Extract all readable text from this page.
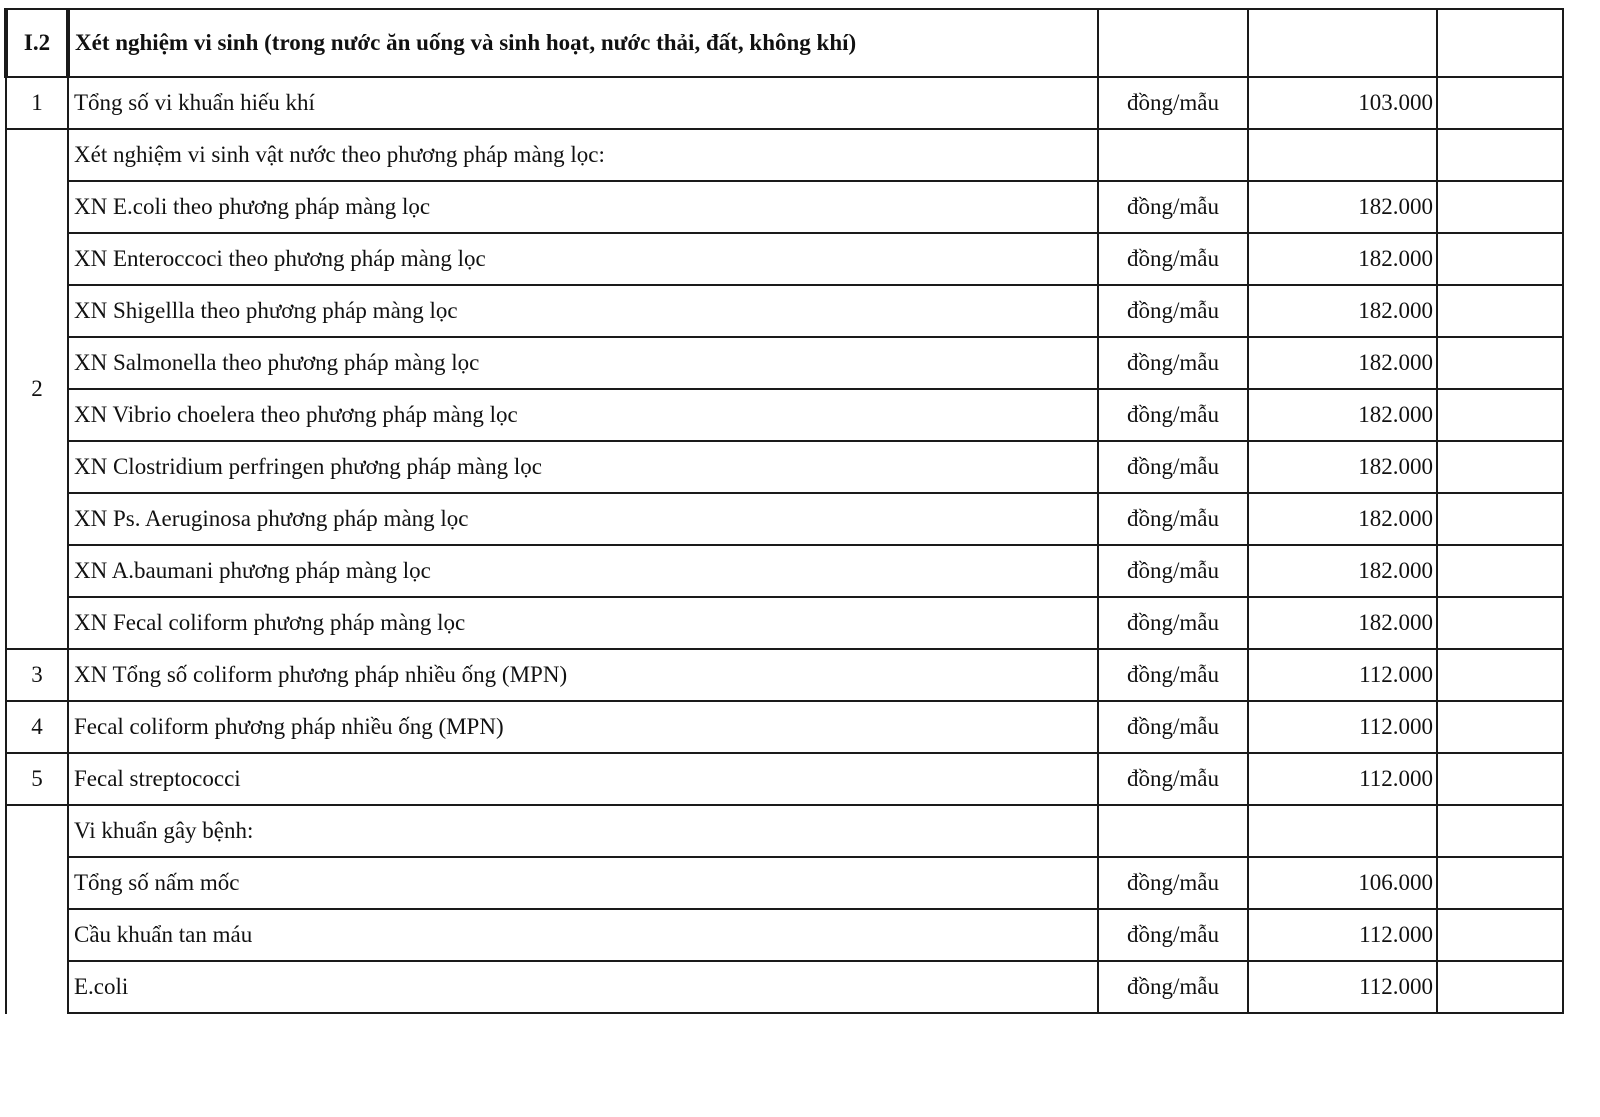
I.2	Xét nghiệm vi sinh (trong nước ăn uống và sinh hoạt, nước thải, đất, không khí)			
1	Tổng số vi khuẩn hiếu khí	đồng/mẫu	103.000	
2	Xét nghiệm vi sinh vật nước theo phương pháp màng lọc:			
	XN E.coli theo phương pháp màng lọc	đồng/mẫu	182.000	
	XN Enteroccoci theo phương pháp màng lọc	đồng/mẫu	182.000	
	XN Shigellla theo phương pháp màng lọc	đồng/mẫu	182.000	
	XN Salmonella theo phương pháp màng lọc	đồng/mẫu	182.000	
	XN Vibrio choelera theo phương pháp màng lọc	đồng/mẫu	182.000	
	XN Clostridium perfringen phương pháp màng lọc	đồng/mẫu	182.000	
	XN Ps. Aeruginosa phương pháp màng lọc	đồng/mẫu	182.000	
	XN A.baumani phương pháp màng lọc	đồng/mẫu	182.000	
	XN Fecal coliform phương pháp màng lọc	đồng/mẫu	182.000	
3	XN Tổng số coliform phương pháp nhiều ống (MPN)	đồng/mẫu	112.000	
4	Fecal coliform phương pháp nhiều ống (MPN)	đồng/mẫu	112.000	
5	Fecal streptococci	đồng/mẫu	112.000	
	Vi khuẩn gây bệnh:			
	Tổng số nấm mốc	đồng/mẫu	106.000	
	Cầu khuẩn tan máu	đồng/mẫu	112.000	
	E.coli	đồng/mẫu	112.000	
